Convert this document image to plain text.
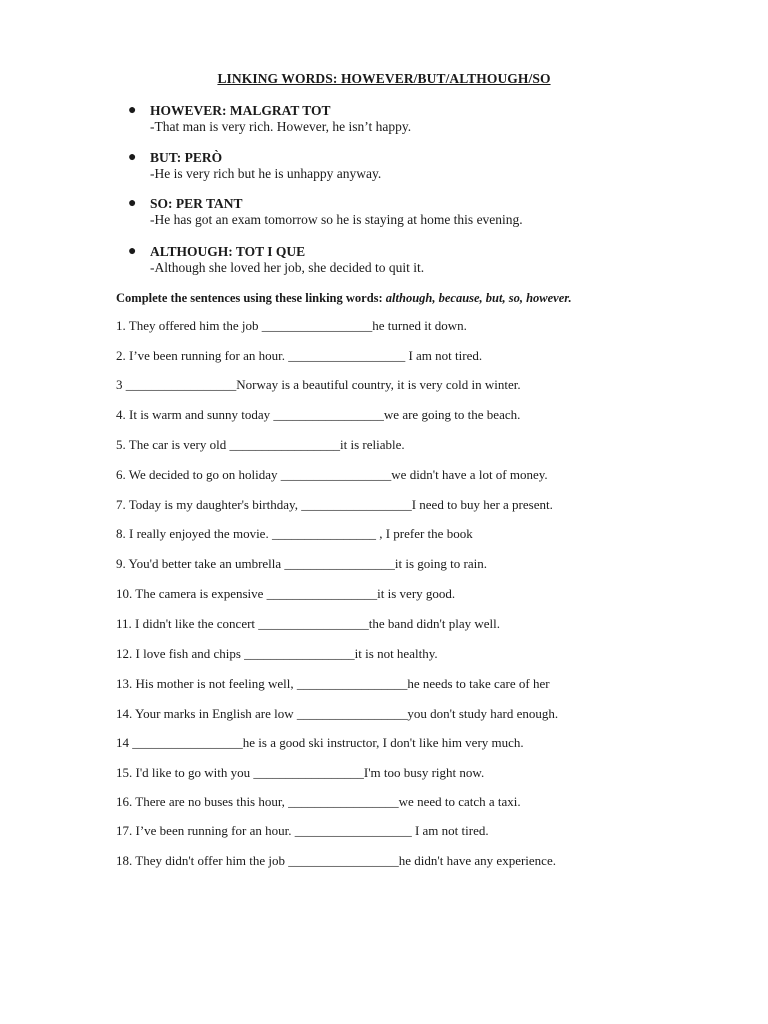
LINKING WORDS: HOWEVER/BUT/ALTHOUGH/SO
●	HOWEVER: MALGRAT TOT
-That man is very rich. However, he isn’t happy.
●	BUT: PERÒ
-He is very rich but he is unhappy anyway.
●	SO: PER TANT
-He has got an exam tomorrow so he is staying at home this evening.
●	ALTHOUGH: TOT I QUE
-Although she loved her job, she decided to quit it.
Complete the sentences using these linking words: although, because, but, so, however.
1. They offered him the job _________________he turned it down.
2. I’ve been running for an hour. __________________ I am not tired.
3 _________________Norway is a beautiful country, it is very cold in winter.
4. It is warm and sunny today _________________we are going to the beach.
5. The car is very old _________________it is reliable.
6. We decided to go on holiday _________________we didn't have a lot of money.
7. Today is my daughter's birthday, _________________I need to buy her a present.
8. I really enjoyed the movie. ________________ , I prefer the book
9. You'd better take an umbrella _________________it is going to rain.
10. The camera is expensive _________________it is very good.
11. I didn't like the concert _________________the band didn't play well.
12. I love fish and chips _________________it is not healthy.
13. His mother is not feeling well, _________________he needs to take care of her
14. Your marks in English are low _________________you don't study hard enough.
14 _________________he is a good ski instructor, I don't like him very much.
15. I'd like to go with you _________________I'm too busy right now.
16. There are no buses this hour, _________________we need to catch a taxi.
17. I’ve been running for an hour. __________________ I am not tired.
18. They didn't offer him the job _________________he didn't have any experience.
